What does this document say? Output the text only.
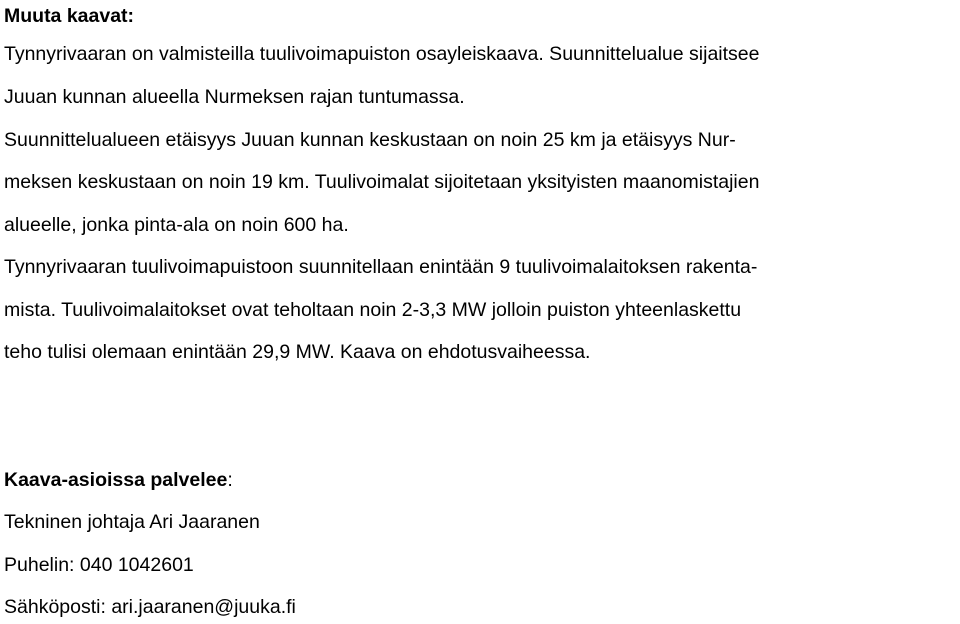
Muuta kaavat:

Tynnyrivaaran on valmisteilla tuulivoimapuiston osayleiskaava. Suunnittelualue sijaitsee

Juuan kunnan alueella Nurmeksen rajan tuntumassa.

Suunnittelualueen etäisyys Juuan kunnan keskustaan on noin 25 km ja etäisyys Nur-

meksen keskustaan on noin 19 km. Tuulivoimalat sijoitetaan yksityisten maanomistajien

alueelle, jonka pinta-ala on noin 600 ha.

Tynnyrivaaran tuulivoimapuistoon suunnitellaan enintään 9 tuulivoimalaitoksen rakenta-

mista. Tuulivoimalaitokset ovat teholtaan noin 2-3,3 MW jolloin puiston yhteenlaskettu

teho tulisi olemaan enintään 29,9 MW. Kaava on ehdotusvaiheessa.

Kaava-asioissa palvelee:

Tekninen johtaja Ari Jaaranen

Puhelin: 040 1042601

Sähköposti: ari.jaaranen@juuka.fi
